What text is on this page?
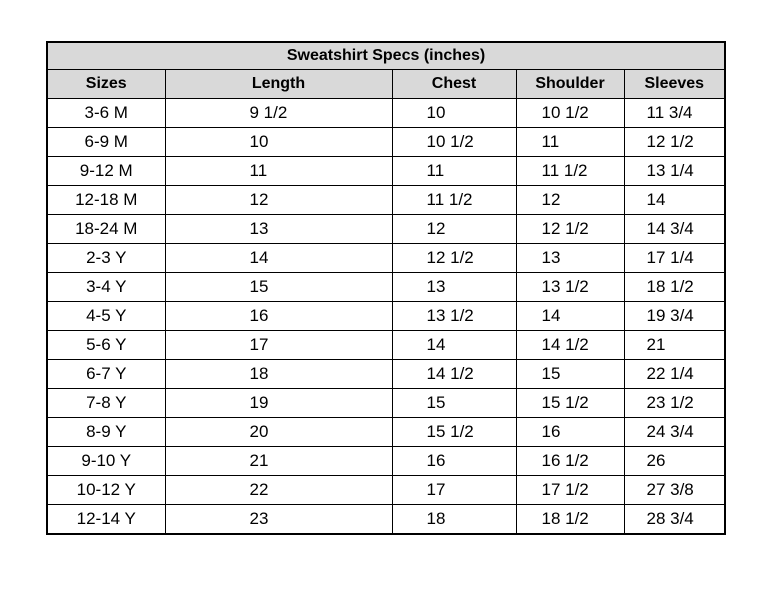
Sweatshirt Specs (inches)				
Sizes	Length	Chest	Shoulder	Sleeves
3-6 M	9 1/2	10	10 1/2	11 3/4
6-9 M	10	10 1/2	11	12 1/2
9-12 M	11	11	11 1/2	13 1/4
12-18 M	12	11 1/2	12	14
18-24 M	13	12	12 1/2	14 3/4
2-3 Y	14	12 1/2	13	17 1/4
3-4 Y	15	13	13 1/2	18 1/2
4-5 Y	16	13 1/2	14	19 3/4
5-6 Y	17	14	14 1/2	21
6-7 Y	18	14 1/2	15	22 1/4
7-8 Y	19	15	15 1/2	23 1/2
8-9 Y	20	15 1/2	16	24 3/4
9-10 Y	21	16	16 1/2	26
10-12 Y	22	17	17 1/2	27 3/8
12-14 Y	23	18	18 1/2	28 3/4
